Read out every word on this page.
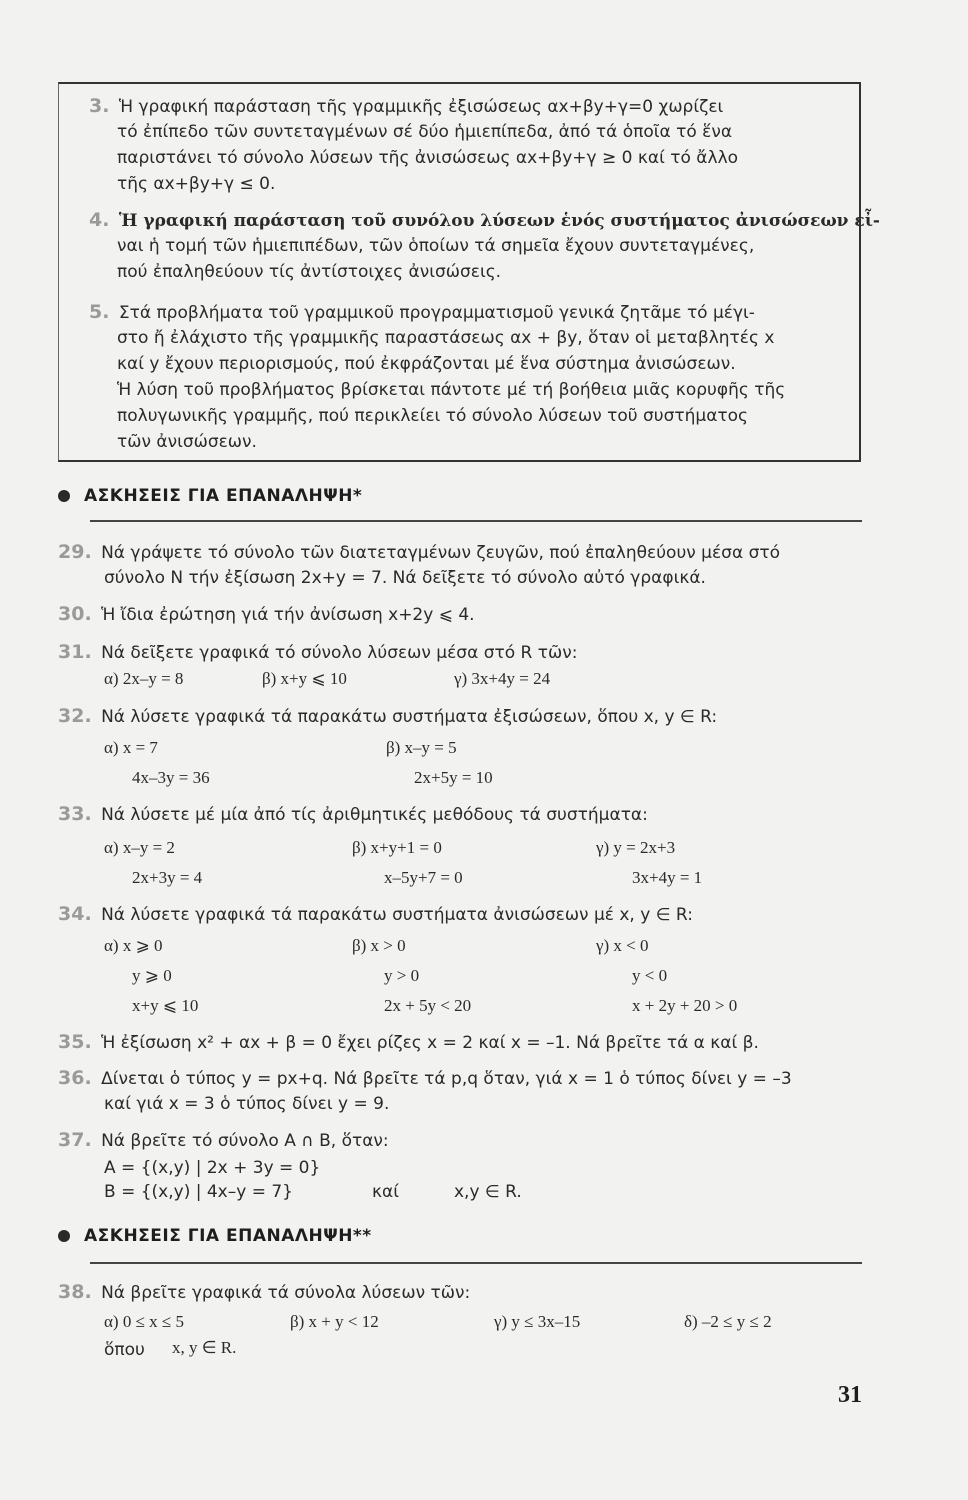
3. Ἡ γραφική παράσταση τῆς γραμμικῆς ἐξισώσεως αx+βy+γ=0 χωρίζει
τό ἐπίπεδο τῶν συντεταγμένων σέ δύο ἡμιεπίπεδα, ἀπό τά ὁποῖα τό ἕνα
παριστάνει τό σύνολο λύσεων τῆς ἀνισώσεως αx+βy+γ ≥ 0 καί τό ἄλλο
τῆς αx+βy+γ ≤ 0.
4. Ἡ γραφική παράσταση τοῦ συνόλου λύσεων ἑνός συστήματος ἀνισώσεων εἶ-
ναι ἡ τομή τῶν ἡμιεπιπέδων, τῶν ὁποίων τά σημεῖα ἔχουν συντεταγμένες,
πού ἐπαληθεύουν τίς ἀντίστοιχες ἀνισώσεις.
5. Στά προβλήματα τοῦ γραμμικοῦ προγραμματισμοῦ γενικά ζητᾶμε τό μέγι-
στο ἤ ἐλάχιστο τῆς γραμμικῆς παραστάσεως αx + βy, ὅταν οἱ μεταβλητές x
καί y ἔχουν περιορισμούς, πού ἐκφράζονται μέ ἕνα σύστημα ἀνισώσεων.
Ἡ λύση τοῦ προβλήματος βρίσκεται πάντοτε μέ τή βοήθεια μιᾶς κορυφῆς τῆς
πολυγωνικῆς γραμμῆς, πού περικλείει τό σύνολο λύσεων τοῦ συστήματος
τῶν ἀνισώσεων.
ΑΣΚΗΣΕΙΣ ΓΙΑ ΕΠΑΝΑΛΗΨΗ*
29. Νά γράψετε τό σύνολο τῶν διατεταγμένων ζευγῶν, πού ἐπαληθεύουν μέσα στό
σύνολο N τήν ἐξίσωση 2x+y = 7. Νά δεῖξετε τό σύνολο αὐτό γραφικά.
30. Ἡ ἴδια ἐρώτηση γιά τήν ἀνίσωση x+2y ⩽ 4.
31. Νά δεῖξετε γραφικά τό σύνολο λύσεων μέσα στό R τῶν:
α) 2x–y = 8	β) x+y ⩽ 10	γ) 3x+4y = 24
32. Νά λύσετε γραφικά τά παρακάτω συστήματα ἐξισώσεων, ὅπου x, y ∈ R:
α) x = 7
4x–3y = 36
β) x–y = 5
2x+5y = 10
33. Νά λύσετε μέ μία ἀπό τίς ἀριθμητικές μεθόδους τά συστήματα:
α) x–y = 2
2x+3y = 4
β) x+y+1 = 0
x–5y+7 = 0
γ) y = 2x+3
3x+4y = 1
34. Νά λύσετε γραφικά τά παρακάτω συστήματα ἀνισώσεων μέ x, y ∈ R:
α) x ⩾ 0
y ⩾ 0
x+y ⩽ 10
β) x > 0
y > 0
2x + 5y < 20
γ) x < 0
y < 0
x + 2y + 20 > 0
35. Ἡ ἐξίσωση x² + αx + β = 0 ἔχει ρίζες x = 2 καί x = –1. Νά βρεῖτε τά α καί β.
36. Δίνεται ὁ τύπος y = px+q. Νά βρεῖτε τά p,q ὅταν, γιά x = 1 ὁ τύπος δίνει y = –3
καί γιά x = 3 ὁ τύπος δίνει y = 9.
37. Νά βρεῖτε τό σύνολο A ∩ B, ὅταν:
A = {(x,y) | 2x + 3y = 0}
B = {(x,y) | 4x–y = 7}	καί	x,y ∈ R.
ΑΣΚΗΣΕΙΣ ΓΙΑ ΕΠΑΝΑΛΗΨΗ**
38. Νά βρεῖτε γραφικά τά σύνολα λύσεων τῶν:
α) 0 ≤ x ≤ 5	β) x + y < 12	γ) y ≤ 3x–15	δ) –2 ≤ y ≤ 2
ὅπου x, y ∈ R.
31
